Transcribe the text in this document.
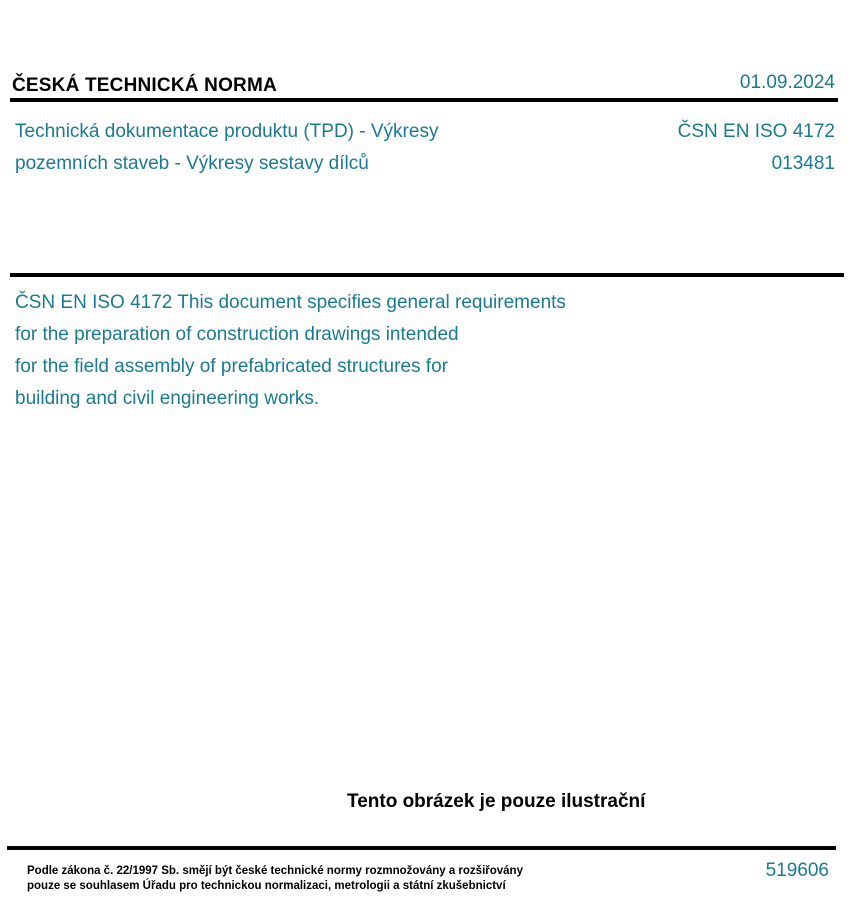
ČESKÁ TECHNICKÁ NORMA	01.09.2024
Technická dokumentace produktu (TPD) - Výkresy
pozemních staveb - Výkresy sestavy dílců
ČSN EN ISO 4172
013481
ČSN EN ISO 4172 This document specifies general requirements
for the preparation of construction drawings intended
for the field assembly of prefabricated structures for
building and civil engineering works.
Tento obrázek je pouze ilustrační
Podle zákona č. 22/1997 Sb. smějí být české technické normy rozmnožovány a rozšiřovány
pouze se souhlasem Úřadu pro technickou normalizaci, metrologii a státní zkušebnictví
519606
